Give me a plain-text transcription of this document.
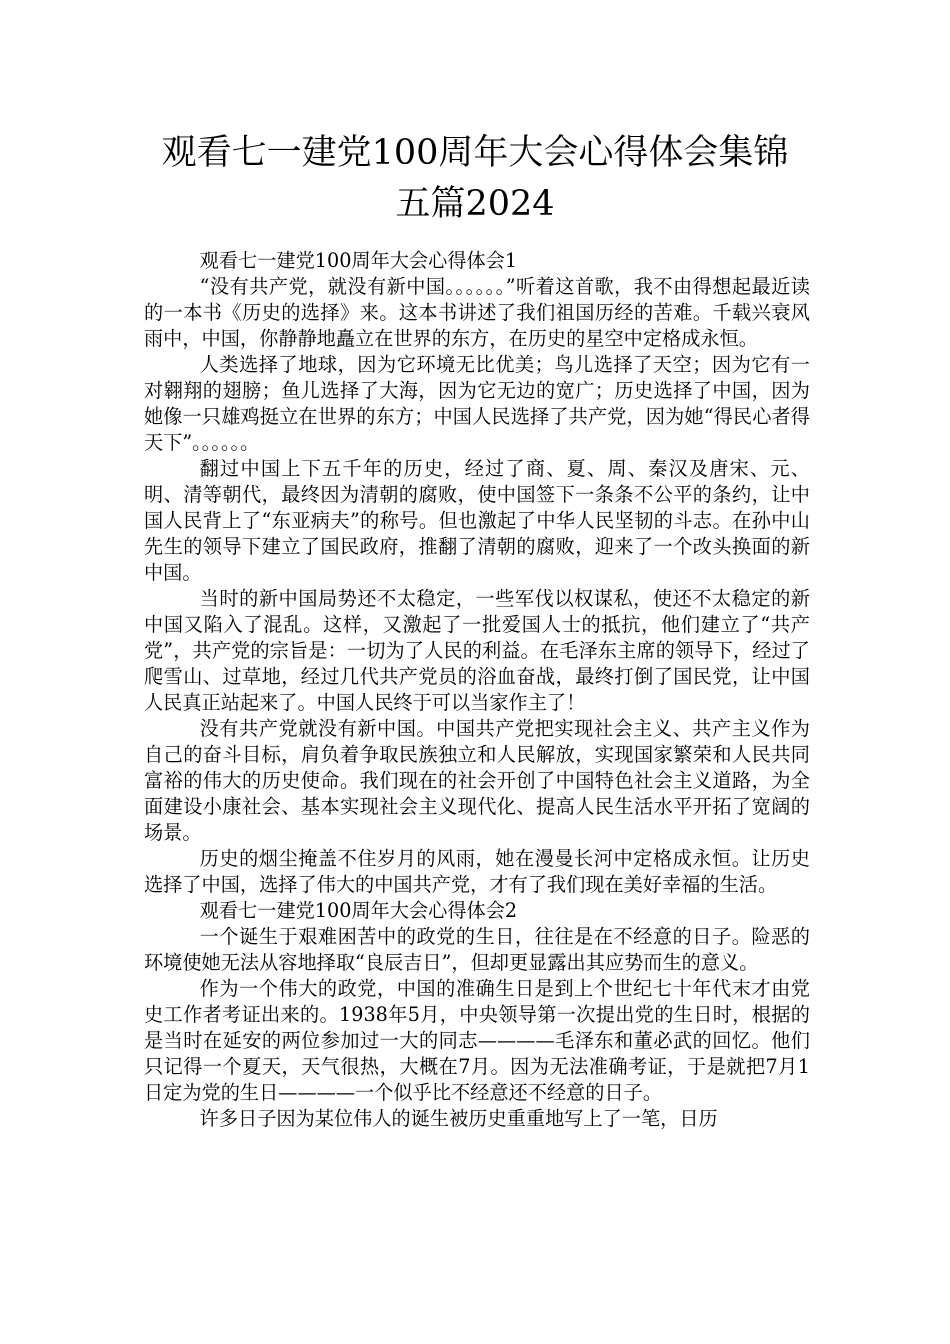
观看七一建党100周年大会心得体会集锦
五篇2024

观看七一建党100周年大会心得体会1

“没有共产党，就没有新中国。。。。。。”听着这首歌，我不由得想起最近读的一本书《历史的选择》来。这本书讲述了我们祖国历经的苦难。千载兴衰风雨中，中国，你静静地矗立在世界的东方，在历史的星空中定格成永恒。

人类选择了地球，因为它环境无比优美；鸟儿选择了天空；因为它有一对翱翔的翅膀；鱼儿选择了大海，因为它无边的宽广；历史选择了中国，因为她像一只雄鸡挺立在世界的东方；中国人民选择了共产党，因为她“得民心者得天下”。。。。。。

翻过中国上下五千年的历史，经过了商、夏、周、秦汉及唐宋、元、明、清等朝代，最终因为清朝的腐败，使中国签下一条条不公平的条约，让中国人民背上了“东亚病夫”的称号。但也激起了中华人民坚韧的斗志。在孙中山先生的领导下建立了国民政府，推翻了清朝的腐败，迎来了一个改头换面的新中国。

当时的新中国局势还不太稳定，一些军伐以权谋私，使还不太稳定的新中国又陷入了混乱。这样，又激起了一批爱国人士的抵抗，他们建立了“共产党”，共产党的宗旨是：一切为了人民的利益。在毛泽东主席的领导下，经过了爬雪山、过草地，经过几代共产党员的浴血奋战，最终打倒了国民党，让中国人民真正站起来了。中国人民终于可以当家作主了！

没有共产党就没有新中国。中国共产党把实现社会主义、共产主义作为自己的奋斗目标，肩负着争取民族独立和人民解放，实现国家繁荣和人民共同富裕的伟大的历史使命。我们现在的社会开创了中国特色社会主义道路，为全面建设小康社会、基本实现社会主义现代化、提高人民生活水平开拓了宽阔的场景。

历史的烟尘掩盖不住岁月的风雨，她在漫曼长河中定格成永恒。让历史选择了中国，选择了伟大的中国共产党，才有了我们现在美好幸福的生活。

观看七一建党100周年大会心得体会2

一个诞生于艰难困苦中的政党的生日，往往是在不经意的日子。险恶的环境使她无法从容地择取“良辰吉日”，但却更显露出其应势而生的意义。

作为一个伟大的政党，中国的准确生日是到上个世纪七十年代末才由党史工作者考证出来的。1938年5月，中央领导第一次提出党的生日时，根据的是当时在延安的两位参加过一大的同志————毛泽东和董必武的回忆。他们只记得一个夏天，天气很热，大概在7月。因为无法准确考证，于是就把7月1日定为党的生日————一个似乎比不经意还不经意的日子。

许多日子因为某位伟人的诞生被历史重重地写上了一笔，日历
